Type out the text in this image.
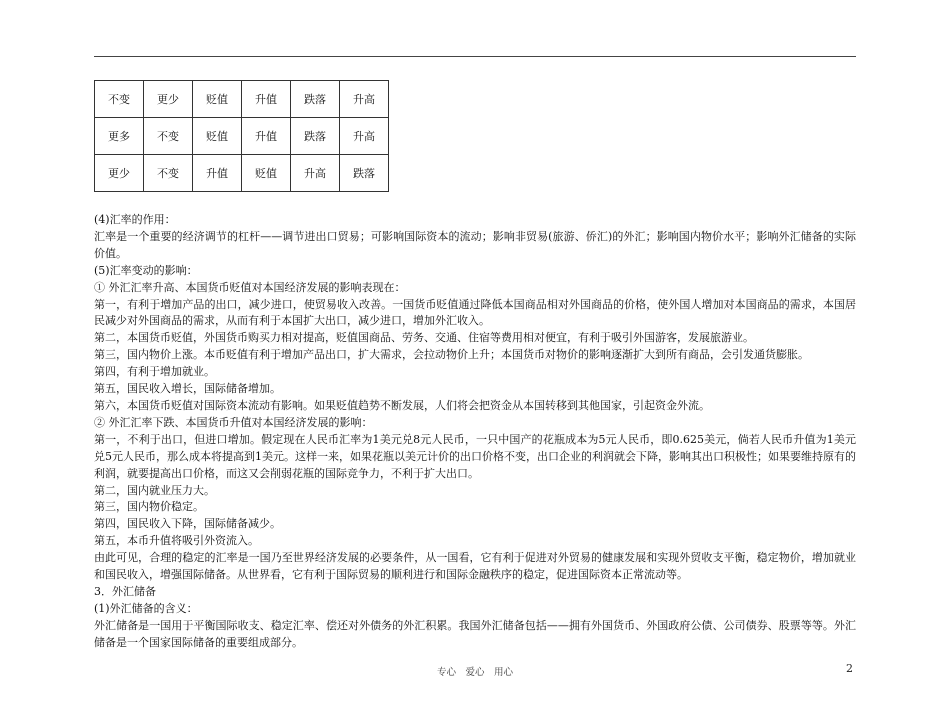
不变	更少	贬值	升值	跌落	升高
更多	不变	贬值	升值	跌落	升高
更少	不变	升值	贬值	升高	跌落

(4)汇率的作用：

汇率是一个重要的经济调节的杠杆——调节进出口贸易；可影响国际资本的流动；影响非贸易(旅游、侨汇)的外汇；影响国内物价水平；影响外汇储备的实际价值。

(5)汇率变动的影响：

① 外汇汇率升高、本国货币贬值对本国经济发展的影响表现在：

第一，有利于增加产品的出口，减少进口，使贸易收入改善。一国货币贬值通过降低本国商品相对外国商品的价格，使外国人增加对本国商品的需求，本国居民减少对外国商品的需求，从而有利于本国扩大出口，减少进口，增加外汇收入。

第二，本国货币贬值，外国货币购买力相对提高，贬值国商品、劳务、交通、住宿等费用相对便宜，有利于吸引外国游客，发展旅游业。

第三，国内物价上涨。本币贬值有利于增加产品出口，扩大需求，会拉动物价上升；本国货币对物价的影响逐渐扩大到所有商品，会引发通货膨胀。

第四，有利于增加就业。

第五，国民收入增长，国际储备增加。

第六，本国货币贬值对国际资本流动有影响。如果贬值趋势不断发展，人们将会把资金从本国转移到其他国家，引起资金外流。

② 外汇汇率下跌、本国货币升值对本国经济发展的影响：

第一，不利于出口，但进口增加。假定现在人民币汇率为1美元兑8元人民币，一只中国产的花瓶成本为5元人民币，即0.625美元，倘若人民币升值为1美元兑5元人民币，那么成本将提高到1美元。这样一来，如果花瓶以美元计价的出口价格不变，出口企业的利润就会下降，影响其出口积极性；如果要维持原有的利润，就要提高出口价格，而这又会削弱花瓶的国际竞争力，不利于扩大出口。

第二，国内就业压力大。

第三，国内物价稳定。

第四，国民收入下降，国际储备减少。

第五，本币升值将吸引外资流入。

由此可见，合理的稳定的汇率是一国乃至世界经济发展的必要条件，从一国看，它有利于促进对外贸易的健康发展和实现外贸收支平衡，稳定物价，增加就业和国民收入，增强国际储备。从世界看，它有利于国际贸易的顺利进行和国际金融秩序的稳定，促进国际资本正常流动等。

3．外汇储备

(1)外汇储备的含义：

外汇储备是一国用于平衡国际收支、稳定汇率、偿还对外债务的外汇积累。我国外汇储备包括——拥有外国货币、外国政府公债、公司债券、股票等等。外汇储备是一个国家国际储备的重要组成部分。

专心　爱心　用心	2
